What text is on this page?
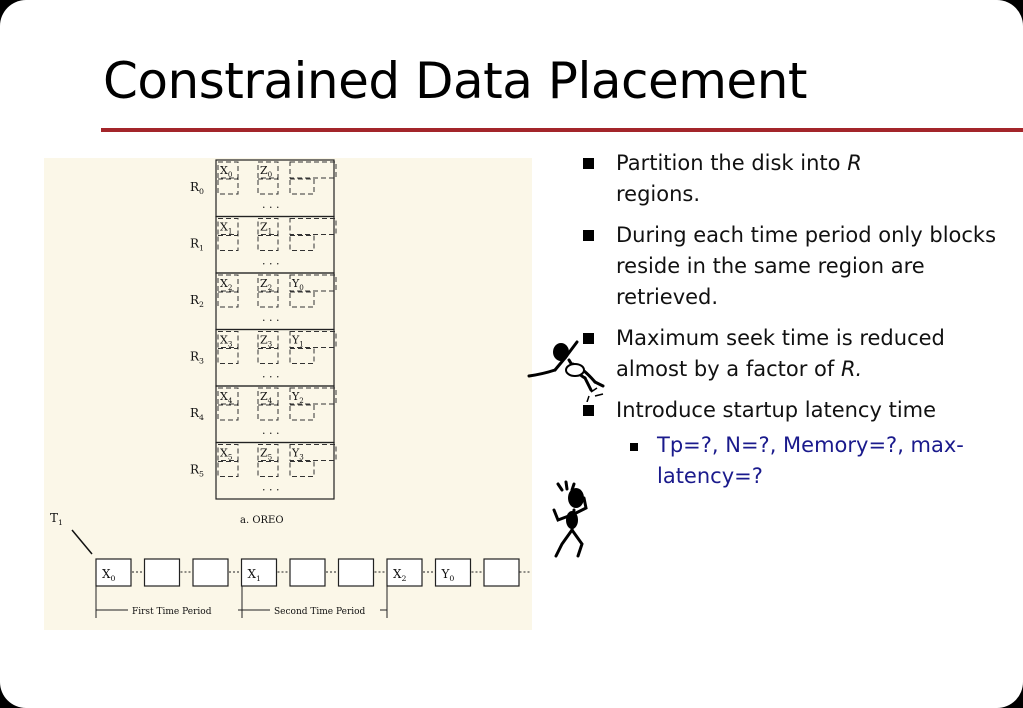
Constrained Data Placement
$R_0$
$X_0$	$Z_0$
. . .
$R_1$
$X_1$	$Z_1$
. . .
$R_2$
$X_2$	$Z_2$ $Y_0$
. . .
$R_3$
$X_3$	$Z_3$ $Y_1$
. . .
$R_4$
$X_4$	$Z_4$ $Y_2$
. . .
$R_5$
$X_5$	$Z_5$ $Y_3$
. . .
a. OREO
$T_1$
$X_0$	$X_1$	$X_2$	$Y_0$
First Time Period	Second Time Period
Partition the disk into R
regions.
During each time period only blocks reside in the same region are retrieved.
Maximum seek time is reduced almost by a factor of R.
Introduce startup latency time
Tp=?, N=?, Memory=?, max-latency=?
